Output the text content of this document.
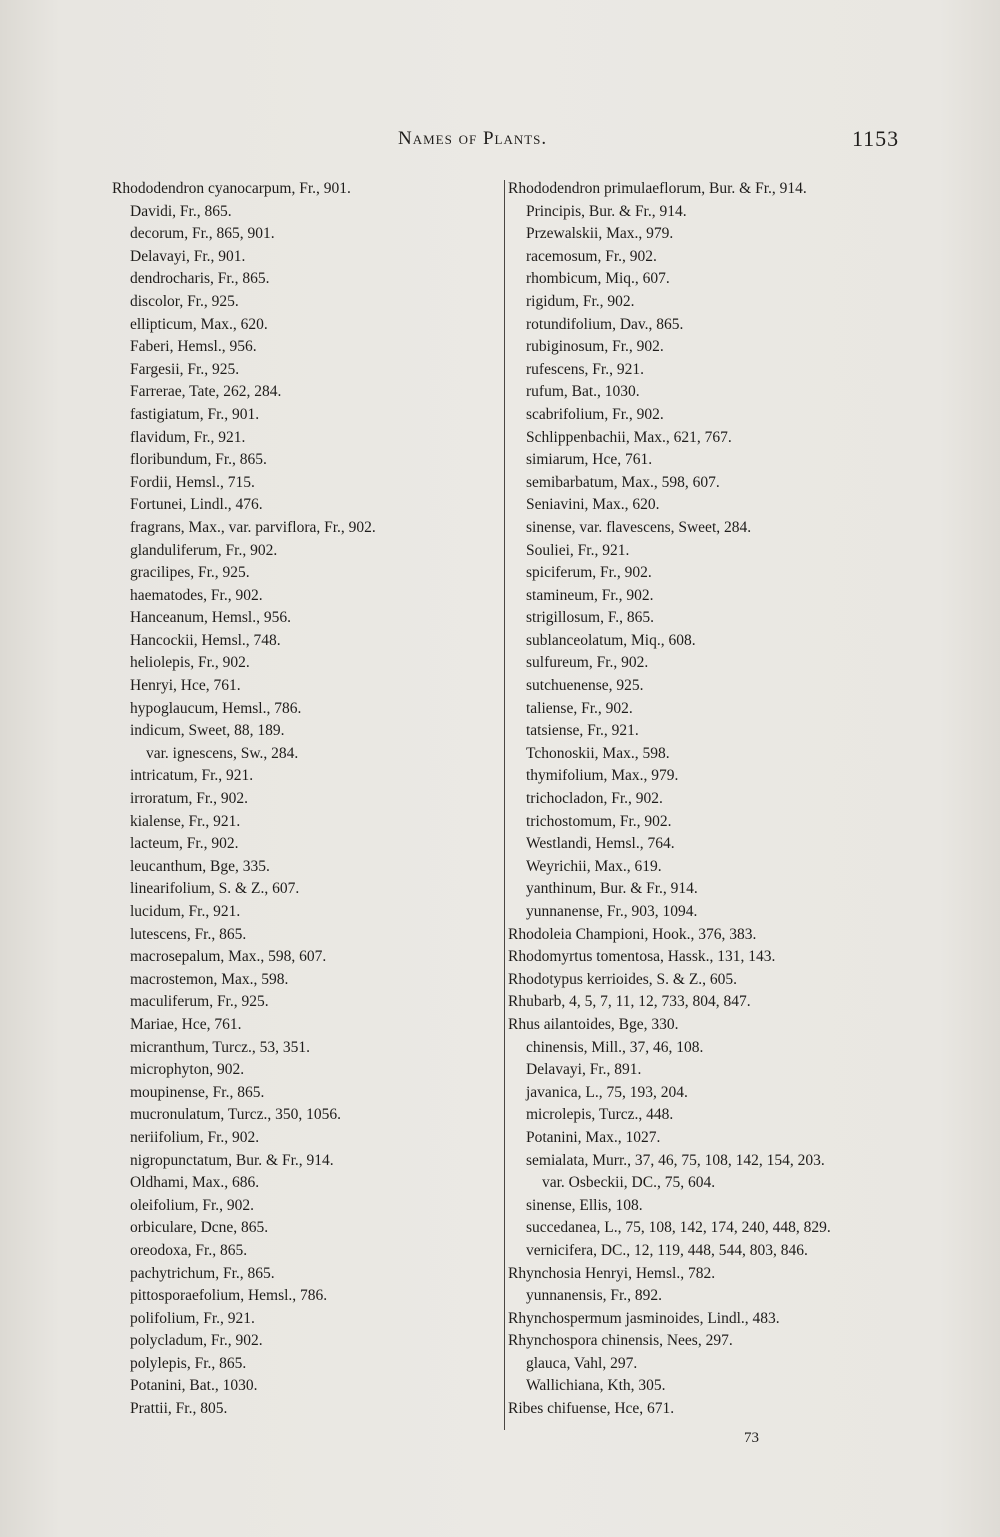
Names of Plants.	1153
Rhododendron cyanocarpum, Fr., 901.
Davidi, Fr., 865.
decorum, Fr., 865, 901.
Delavayi, Fr., 901.
dendrocharis, Fr., 865.
discolor, Fr., 925.
ellipticum, Max., 620.
Faberi, Hemsl., 956.
Fargesii, Fr., 925.
Farrerae, Tate, 262, 284.
fastigiatum, Fr., 901.
flavidum, Fr., 921.
floribundum, Fr., 865.
Fordii, Hemsl., 715.
Fortunei, Lindl., 476.
fragrans, Max., var. parviflora, Fr., 902.
glanduliferum, Fr., 902.
gracilipes, Fr., 925.
haematodes, Fr., 902.
Hanceanum, Hemsl., 956.
Hancockii, Hemsl., 748.
heliolepis, Fr., 902.
Henryi, Hce, 761.
hypoglaucum, Hemsl., 786.
indicum, Sweet, 88, 189.
var. ignescens, Sw., 284.
intricatum, Fr., 921.
irroratum, Fr., 902.
kialense, Fr., 921.
lacteum, Fr., 902.
leucanthum, Bge, 335.
linearifolium, S. & Z., 607.
lucidum, Fr., 921.
lutescens, Fr., 865.
macrosepalum, Max., 598, 607.
macrostemon, Max., 598.
maculiferum, Fr., 925.
Mariae, Hce, 761.
micranthum, Turcz., 53, 351.
microphyton, 902.
moupinense, Fr., 865.
mucronulatum, Turcz., 350, 1056.
neriifolium, Fr., 902.
nigropunctatum, Bur. & Fr., 914.
Oldhami, Max., 686.
oleifolium, Fr., 902.
orbiculare, Dcne, 865.
oreodoxa, Fr., 865.
pachytrichum, Fr., 865.
pittosporaefolium, Hemsl., 786.
polifolium, Fr., 921.
polycladum, Fr., 902.
polylepis, Fr., 865.
Potanini, Bat., 1030.
Prattii, Fr., 805.
Rhododendron primulaeflorum, Bur. & Fr., 914.
Principis, Bur. & Fr., 914.
Przewalskii, Max., 979.
racemosum, Fr., 902.
rhombicum, Miq., 607.
rigidum, Fr., 902.
rotundifolium, Dav., 865.
rubiginosum, Fr., 902.
rufescens, Fr., 921.
rufum, Bat., 1030.
scabrifolium, Fr., 902.
Schlippenbachii, Max., 621, 767.
simiarum, Hce, 761.
semibarbatum, Max., 598, 607.
Seniavini, Max., 620.
sinense, var. flavescens, Sweet, 284.
Souliei, Fr., 921.
spiciferum, Fr., 902.
stamineum, Fr., 902.
strigillosum, F., 865.
sublanceolatum, Miq., 608.
sulfureum, Fr., 902.
sutchuenense, 925.
taliense, Fr., 902.
tatsiense, Fr., 921.
Tchonoskii, Max., 598.
thymifolium, Max., 979.
trichocladon, Fr., 902.
trichostomum, Fr., 902.
Westlandi, Hemsl., 764.
Weyrichii, Max., 619.
yanthinum, Bur. & Fr., 914.
yunnanense, Fr., 903, 1094.
Rhodoleia Championi, Hook., 376, 383.
Rhodomyrtus tomentosa, Hassk., 131, 143.
Rhodotypus kerrioides, S. & Z., 605.
Rhubarb, 4, 5, 7, 11, 12, 733, 804, 847.
Rhus ailantoides, Bge, 330.
chinensis, Mill., 37, 46, 108.
Delavayi, Fr., 891.
javanica, L., 75, 193, 204.
microlepis, Turcz., 448.
Potanini, Max., 1027.
semialata, Murr., 37, 46, 75, 108, 142, 154, 203.
var. Osbeckii, DC., 75, 604.
sinense, Ellis, 108.
succedanea, L., 75, 108, 142, 174, 240, 448, 829.
vernicifera, DC., 12, 119, 448, 544, 803, 846.
Rhynchosia Henryi, Hemsl., 782.
yunnanensis, Fr., 892.
Rhynchospermum jasminoides, Lindl., 483.
Rhynchospora chinensis, Nees, 297.
glauca, Vahl, 297.
Wallichiana, Kth, 305.
Ribes chifuense, Hce, 671.
73
